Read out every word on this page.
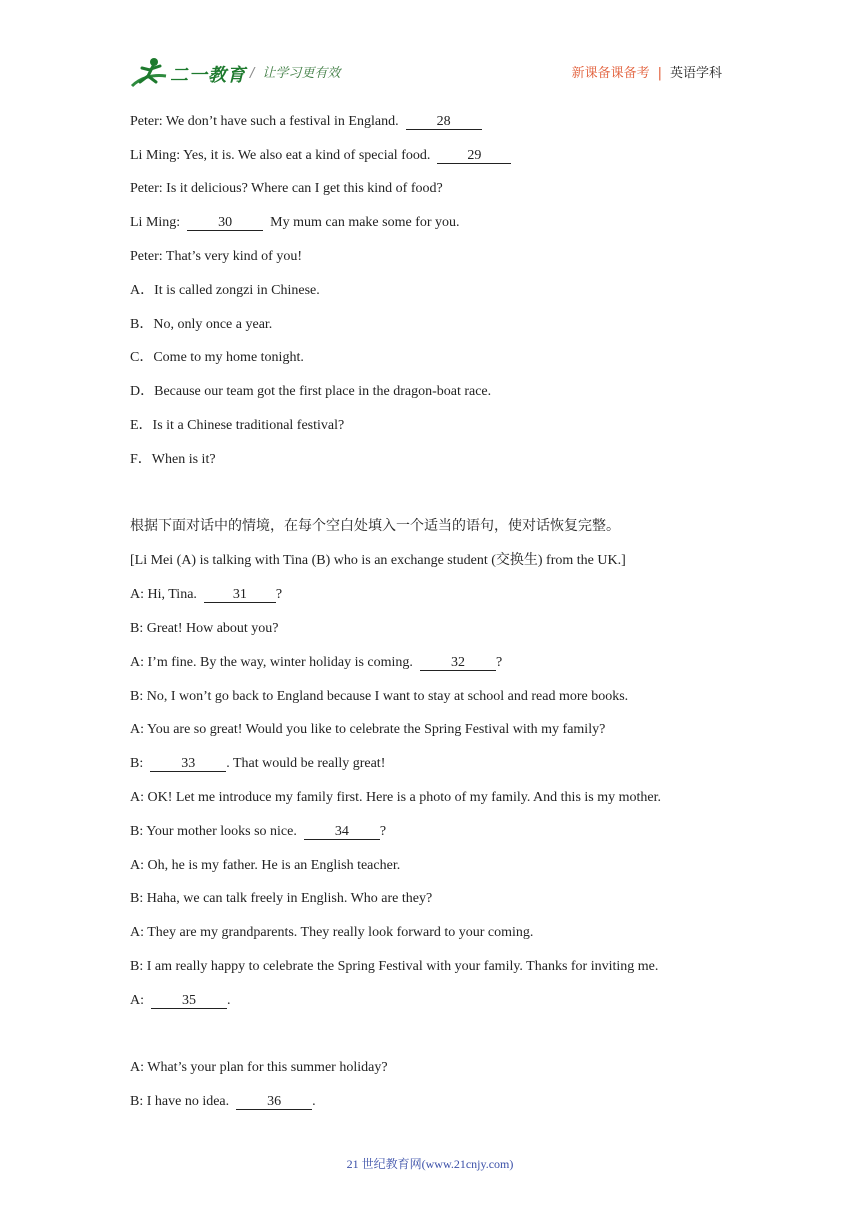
二一教育 / 让学习更有效	新课备课备考 | 英语学科
Peter: We don’t have such a festival in England.	28
Li Ming: Yes, it is. We also eat a kind of special food.	29
Peter: Is it delicious? Where can I get this kind of food?
Li Ming:	30	My mum can make some for you.
Peter: That’s very kind of you!
A．It is called zongzi in Chinese.
B．No, only once a year.
C．Come to my home tonight.
D．Because our team got the first place in the dragon-boat race.
E．Is it a Chinese traditional festival?
F．When is it?
根据下面对话中的情境，在每个空白处填入一个适当的语句，使对话恢复完整。
[Li Mei (A) is talking with Tina (B) who is an exchange student (交换生) from the UK.]
A: Hi, Tina.	31 ?
B: Great! How about you?
A: I’m fine. By the way, winter holiday is coming.	32 ?
B: No, I won’t go back to England because I want to stay at school and read more books.
A: You are so great! Would you like to celebrate the Spring Festival with my family?
B:	33 . That would be really great!
A: OK! Let me introduce my family first. Here is a photo of my family. And this is my mother.
B: Your mother looks so nice.	34 ?
A: Oh, he is my father. He is an English teacher.
B: Haha, we can talk freely in English. Who are they?
A: They are my grandparents. They really look forward to your coming.
B: I am really happy to celebrate the Spring Festival with your family. Thanks for inviting me.
A:	35 .
A: What’s your plan for this summer holiday?
B: I have no idea.	36 .
21 世纪教育网(www.21cnjy.com)
